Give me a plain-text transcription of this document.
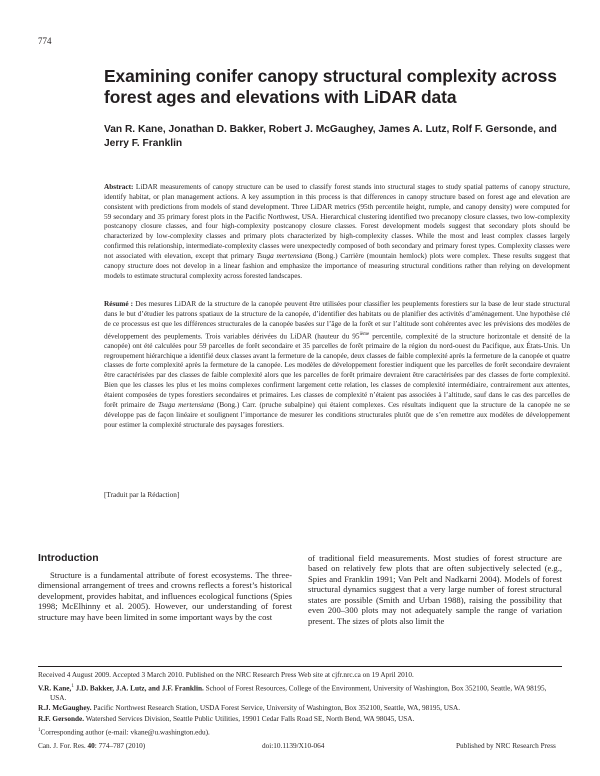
774
Examining conifer canopy structural complexity across forest ages and elevations with LiDAR data
Van R. Kane, Jonathan D. Bakker, Robert J. McGaughey, James A. Lutz, Rolf F. Gersonde, and Jerry F. Franklin
Abstract: LiDAR measurements of canopy structure can be used to classify forest stands into structural stages to study spatial patterns of canopy structure, identify habitat, or plan management actions. A key assumption in this process is that differences in canopy structure based on forest age and elevation are consistent with predictions from models of stand development. Three LiDAR metrics (95th percentile height, rumple, and canopy density) were computed for 59 secondary and 35 primary forest plots in the Pacific Northwest, USA. Hierarchical clustering identified two precanopy closure classes, two low-complexity postcanopy closure classes, and four high-complexity postcanopy closure classes. Forest development models suggest that secondary plots should be characterized by low-complexity classes and primary plots characterized by high-complexity classes. While the most and least complex classes largely confirmed this relationship, intermediate-complexity classes were unexpectedly composed of both secondary and primary forest types. Complexity classes were not associated with elevation, except that primary Tsuga mertensiana (Bong.) Carrière (mountain hemlock) plots were complex. These results suggest that canopy structure does not develop in a linear fashion and emphasize the importance of measuring structural conditions rather than relying on development models to estimate structural complexity across forested landscapes.
Résumé : Des mesures LiDAR de la structure de la canopée peuvent être utilisées pour classifier les peuplements forestiers sur la base de leur stade structural dans le but d’étudier les patrons spatiaux de la structure de la canopée, d’identifier des habitats ou de planifier des activités d’aménagement. Une hypothèse clé de ce processus est que les différences structurales de la canopée basées sur l’âge de la forêt et sur l’altitude sont cohérentes avec les prévisions des modèles de développement des peuplements. Trois variables dérivées du LiDAR (hauteur du 95ième percentile, complexité de la structure horizontale et densité de la canopée) ont été calculées pour 59 parcelles de forêt secondaire et 35 parcelles de forêt primaire de la région du nord-ouest du Pacifique, aux États-Unis. Un regroupement hiérarchique a identifié deux classes avant la fermeture de la canopée, deux classes de faible complexité après la fermeture de la canopée et quatre classes de forte complexité après la fermeture de la canopée. Les modèles de développement forestier indiquent que les parcelles de forêt secondaire devraient être caractérisées par des classes de faible complexité alors que les parcelles de forêt primaire devraient être caractérisées par des classes de forte complexité. Bien que les classes les plus et les moins complexes confirment largement cette relation, les classes de complexité intermédiaire, contrairement aux attentes, étaient composées de types forestiers secondaires et primaires. Les classes de complexité n’étaient pas associées à l’altitude, sauf dans le cas des parcelles de forêt primaire de Tsuga mertensiana (Bong.) Carr. (pruche subalpine) qui étaient complexes. Ces résultats indiquent que la structure de la canopée ne se développe pas de façon linéaire et soulignent l’importance de mesurer les conditions structurales plutôt que de s’en remettre aux modèles de développement pour estimer la complexité structurale des paysages forestiers.
[Traduit par la Rédaction]
Introduction
Structure is a fundamental attribute of forest ecosystems. The three-dimensional arrangement of trees and crowns reflects a forest’s historical development, provides habitat, and influences ecological functions (Spies 1998; McElhinny et al. 2005). However, our understanding of forest structure may have been limited in some important ways by the cost
of traditional field measurements. Most studies of forest structure are based on relatively few plots that are often subjectively selected (e.g., Spies and Franklin 1991; Van Pelt and Nadkarni 2004). Models of forest structural dynamics suggest that a very large number of forest structural states are possible (Smith and Urban 1988), raising the possibility that even 200–300 plots may not adequately sample the range of variation present. The sizes of plots also limit the

Received 4 August 2009. Accepted 3 March 2010. Published on the NRC Research Press Web site at cjfr.nrc.ca on 19 April 2010.

V.R. Kane,$^1$ J.D. Bakker, J.A. Lutz, and J.F. Franklin. School of Forest Resources, College of the Environment, University of Washington, Box 352100, Seattle, WA 98195, USA.

R.J. McGaughey. Pacific Northwest Research Station, USDA Forest Service, University of Washington, Box 352100, Seattle, WA, 98195, USA.

R.F. Gersonde. Watershed Services Division, Seattle Public Utilities, 19901 Cedar Falls Road SE, North Bend, WA 98045, USA.

$^1$Corresponding author (e-mail: vkane@u.washington.edu).

Can. J. For. Res. 40: 774–787 (2010)	doi:10.1139/X10-064	Published by NRC Research Press
